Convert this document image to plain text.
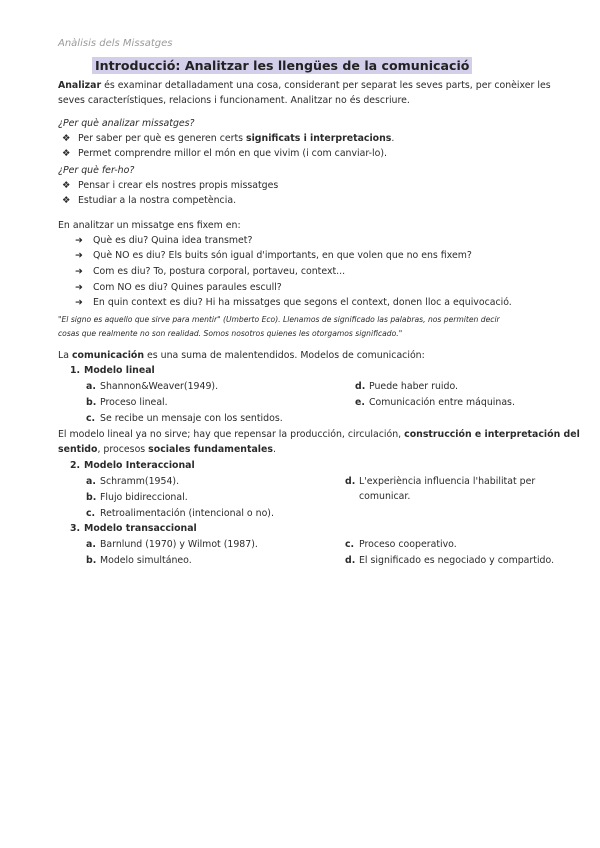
Anàlisis dels Missatges
Introducció: Analitzar les llengües de la comunicació
Analizar és examinar detalladament una cosa, considerant per separat les seves parts, per conèixer les
seves característiques, relacions i funcionament. Analitzar no és descriure.
¿Per què analizar missatges?
❖ Per saber per què es generen certs significats i interpretacions.
❖ Permet comprendre millor el món en que vivim (i com canviar-lo).
¿Per què fer-ho?
❖ Pensar i crear els nostres propis missatges
❖ Estudiar a la nostra competència.
En analitzar un missatge ens fixem en:
➜ Què es diu? Quina idea transmet?
➜ Què NO es diu? Els buits són igual d'importants, en que volen que no ens fixem?
➜ Com es diu? To, postura corporal, portaveu, context...
➜ Com NO es diu? Quines paraules escull?
➜ En quin context es diu? Hi ha missatges que segons el context, donen lloc a equivocació.
"El signo es aquello que sirve para mentir" (Umberto Eco). Llenamos de significado las palabras, nos permiten decir
cosas que realmente no son realidad. Somos nosotros quienes les otorgamos significado."
La comunicación es una suma de malentendidos. Modelos de comunicación:
1. Modelo lineal
a. Shannon&Weaver(1949).
b. Proceso lineal.
c. Se recibe un mensaje con los sentidos.
d. Puede haber ruido.
e. Comunicación entre máquinas.
El modelo lineal ya no sirve; hay que repensar la producción, circulación, construcción e interpretación del
sentido, procesos sociales fundamentales.
2. Modelo Interaccional
a. Schramm(1954).
b. Flujo bidireccional.
c. Retroalimentación (intencional o no).
d. L'experiència influencia l'habilitat per
comunicar.
3. Modelo transaccional
a. Barnlund (1970) y Wilmot (1987).
b. Modelo simultáneo.
c. Proceso cooperativo.
d. El significado es negociado y compartido.
